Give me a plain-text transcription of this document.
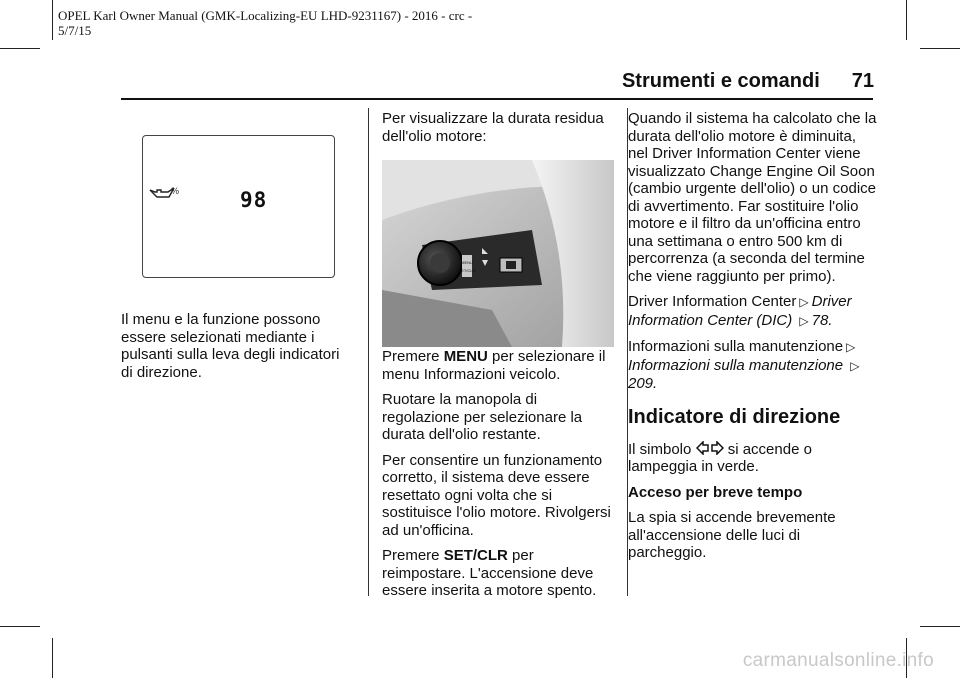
OPEL Karl Owner Manual (GMK-Localizing-EU LHD-9231167) - 2016 - crc - 5/7/15
Strumenti e comandi 71
%	98

Il menu e la funzione possono essere selezionati mediante i pulsanti sulla leva degli indicatori di direzione.

Per visualizzare la durata residua dell'olio motore:

Premere MENU per selezionare il menu Informazioni veicolo.

Ruotare la manopola di regolazione per selezionare la durata dell'olio restante.

Per consentire un funzionamento corretto, il sistema deve essere resettato ogni volta che si sostituisce l'olio motore. Rivolgersi ad un'officina.

Premere SET/CLR per reimpostare. L'accensione deve essere inserita a motore spento.

MENU
SET/CLR

Quando il sistema ha calcolato che la durata dell'olio motore è diminuita, nel Driver Information Center viene visualizzato Change Engine Oil Soon (cambio urgente dell'olio) o un codice di avvertimento. Far sostituire l'olio motore e il filtro da un'officina entro una settimana o entro 500 km di percorrenza (a seconda del termine che viene raggiunto per primo).

Driver Information Center ▷ Driver Information Center (DIC) ▷ 78.

Informazioni sulla manutenzione ▷
Informazioni sulla manutenzione ▷209.

Indicatore di direzione

Il simbolo  si accende o lampeggia in verde.

Acceso per breve tempo

La spia si accende brevemente all'accensione delle luci di parcheggio.

carmanualsonline.info
